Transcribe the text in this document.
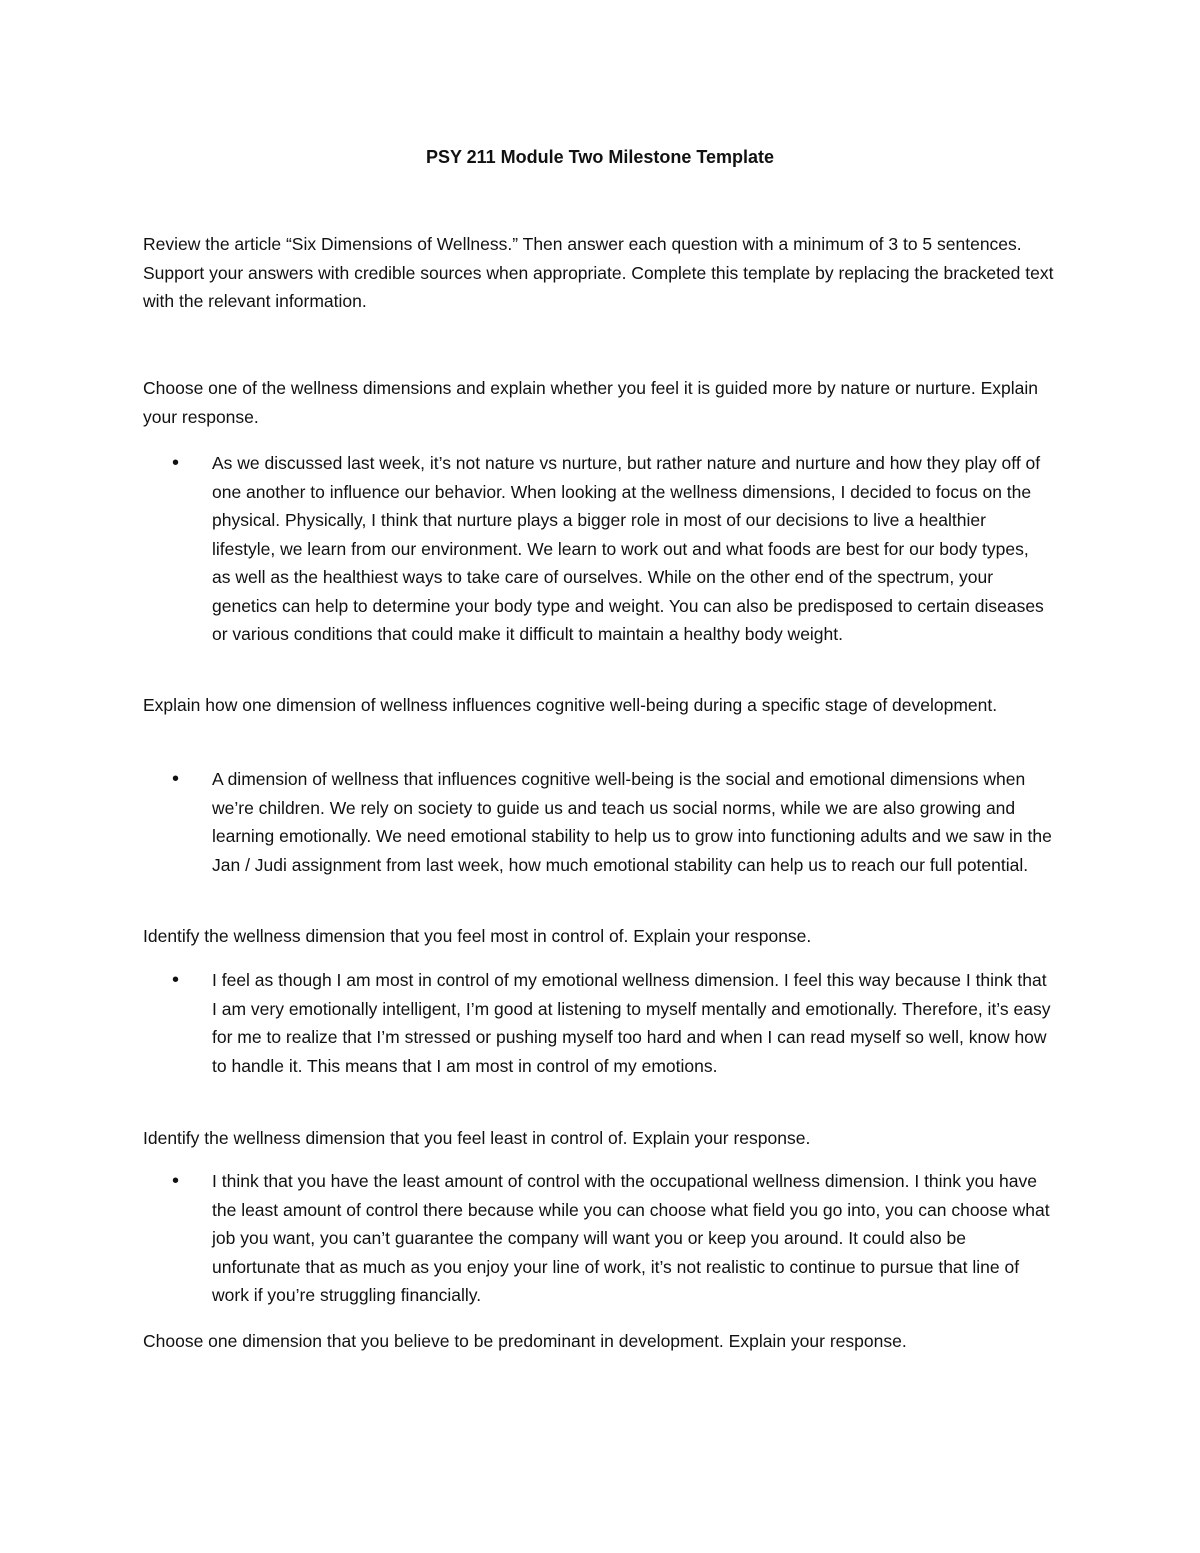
PSY 211 Module Two Milestone Template
Review the article “Six Dimensions of Wellness.” Then answer each question with a minimum of 3 to 5 sentences. Support your answers with credible sources when appropriate. Complete this template by replacing the bracketed text with the relevant information.
Choose one of the wellness dimensions and explain whether you feel it is guided more by nature or nurture. Explain your response.
•	As we discussed last week, it’s not nature vs nurture, but rather nature and nurture and how they play off of one another to influence our behavior. When looking at the wellness dimensions, I decided to focus on the physical. Physically, I think that nurture plays a bigger role in most of our decisions to live a healthier lifestyle, we learn from our environment. We learn to work out and what foods are best for our body types, as well as the healthiest ways to take care of ourselves. While on the other end of the spectrum, your genetics can help to determine your body type and weight. You can also be predisposed to certain diseases or various conditions that could make it difficult to maintain a healthy body weight.
Explain how one dimension of wellness influences cognitive well-being during a specific stage of development.
•	A dimension of wellness that influences cognitive well-being is the social and emotional dimensions when we’re children. We rely on society to guide us and teach us social norms, while we are also growing and learning emotionally. We need emotional stability to help us to grow into functioning adults and we saw in the Jan / Judi assignment from last week, how much emotional stability can help us to reach our full potential.
Identify the wellness dimension that you feel most in control of. Explain your response.
•	I feel as though I am most in control of my emotional wellness dimension. I feel this way because I think that I am very emotionally intelligent, I’m good at listening to myself mentally and emotionally. Therefore, it’s easy for me to realize that I’m stressed or pushing myself too hard and when I can read myself so well, know how to handle it. This means that I am most in control of my emotions.
Identify the wellness dimension that you feel least in control of. Explain your response.
•	I think that you have the least amount of control with the occupational wellness dimension. I think you have the least amount of control there because while you can choose what field you go into, you can choose what job you want, you can’t guarantee the company will want you or keep you around. It could also be unfortunate that as much as you enjoy your line of work, it’s not realistic to continue to pursue that line of work if you’re struggling financially.
Choose one dimension that you believe to be predominant in development. Explain your response.
